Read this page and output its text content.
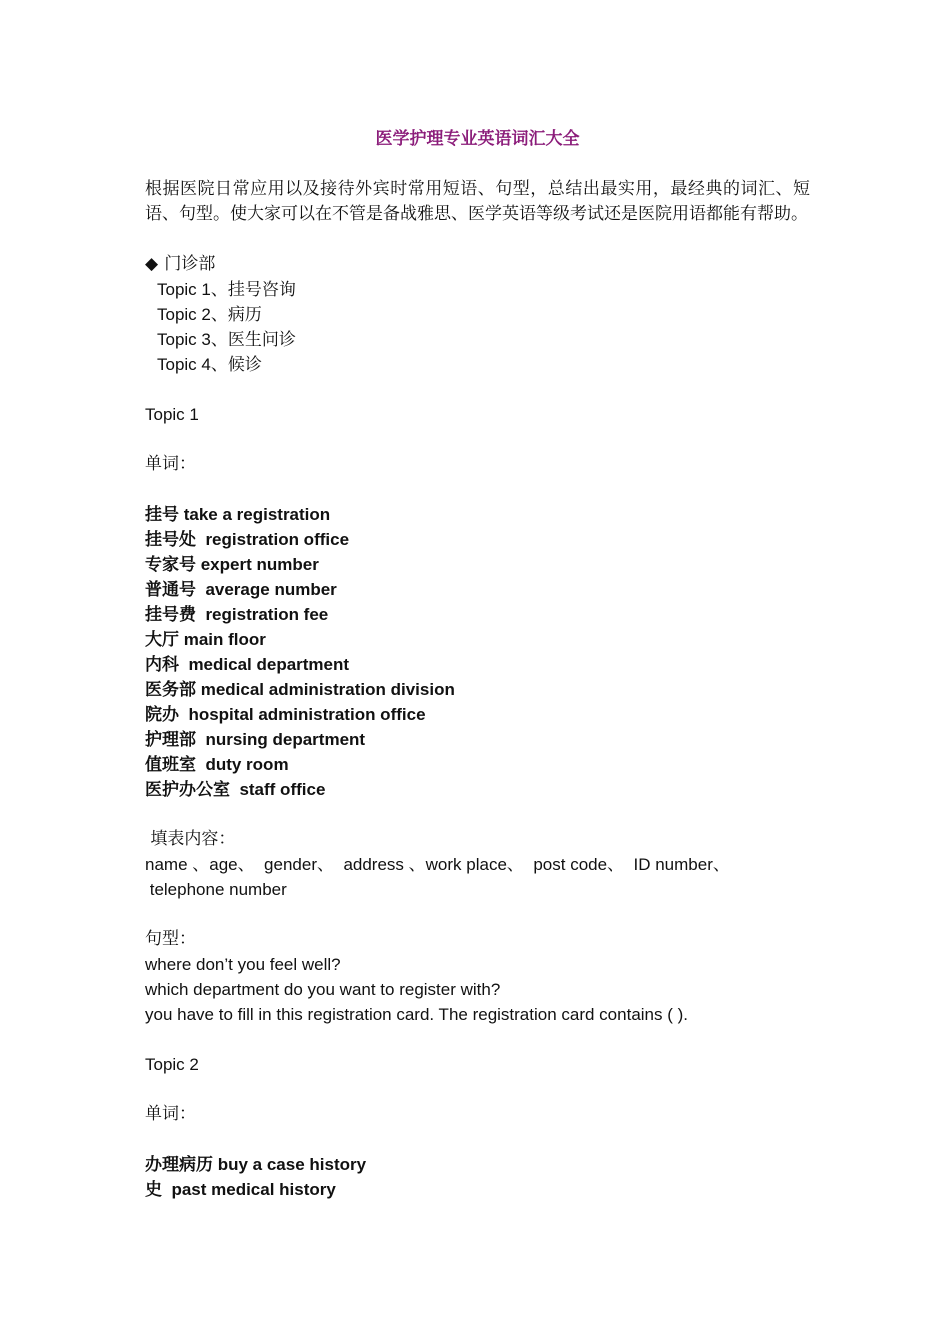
医学护理专业英语词汇大全

根据医院日常应用以及接待外宾时常用短语、句型，总结出最实用，最经典的词汇、短语、句型。使大家可以在不管是备战雅思、医学英语等级考试还是医院用语都能有帮助。

◆ 门诊部
Topic 1、挂号咨询
Topic 2、病历
Topic 3、医生问诊
Topic 4、候诊
Topic 1
单词：
挂号 take a registration
挂号处  registration office
专家号 expert number
普通号  average number
挂号费  registration fee
大厅 main floor
内科  medical department
医务部 medical administration division
院办  hospital administration office
护理部  nursing department
值班室  duty room
医护办公室  staff office
填表内容：
name 、age、  gender、  address 、work place、  post code、  ID number、
telephone number
句型：
where don’t you feel well?
which department do you want to register with?
you have to fill in this registration card. The registration card contains ( ).
Topic 2
单词：
办理病历 buy a case history
史  past medical history
